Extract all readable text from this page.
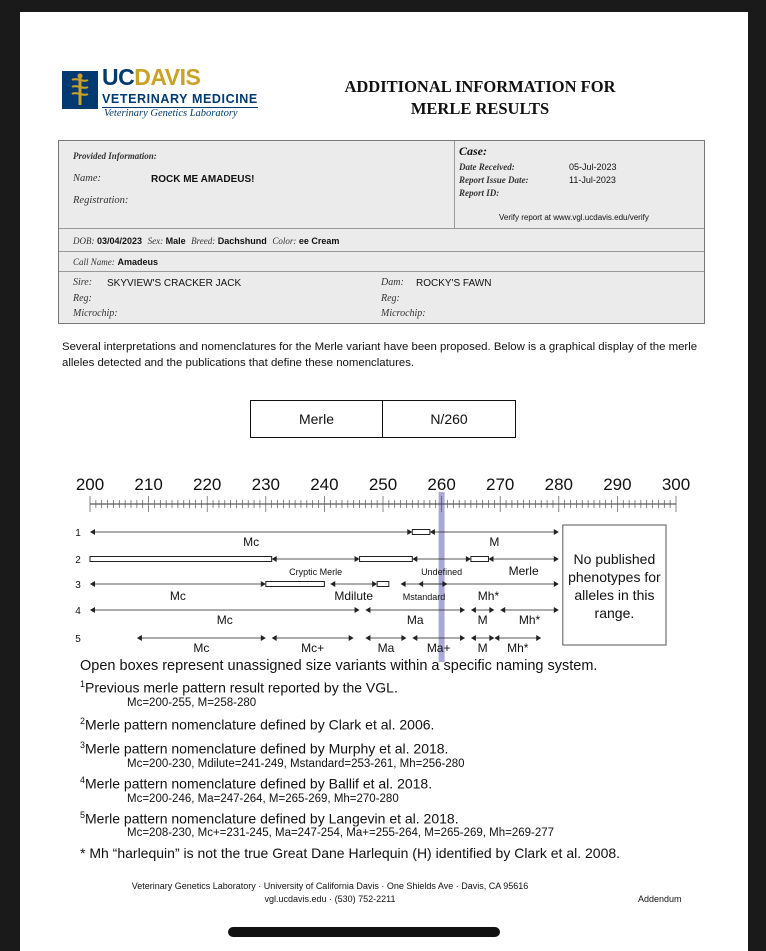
UCDAVIS
VETERINARY MEDICINE
Veterinary Genetics Laboratory
ADDITIONAL INFORMATION FOR
MERLE RESULTS
Provided Information:
Name:	ROCK ME AMADEUS!
Registration:
Case:
Date Received:	05-Jul-2023
Report Issue Date:	11-Jul-2023
Report ID:
Verify report at www.vgl.ucdavis.edu/verify
DOB: 03/04/2023 Sex: Male Breed: Dachshund Color: ee Cream
Call Name: Amadeus
Sire: SKYVIEW'S CRACKER JACK	Dam: ROCKY'S FAWN
Reg:	Reg:
Microchip:	Microchip:
Several interpretations and nomenclatures for the Merle variant have been proposed. Below is a graphical display of the merle alleles detected and the publications that define these nomenclatures.
Merle	N/260
200 210 220 230 240 250 260 270 280 290 300
No published
phenotypes for
alleles in this
range.
1
Mc	M
2
Cryptic Merle	Undefined	Merle
3
Mc	Mdilute	Mstandard	Mh*
4
Mc	Ma	M	Mh*
5
Mc	Mc+	Ma	Ma+ M Mh*
Open boxes represent unassigned size variants within a specific naming system.
$^1$Previous merle pattern result reported by the VGL.
Mc=200-255, M=258-280
$^2$Merle pattern nomenclature defined by Clark et al. 2006.
$^3$Merle pattern nomenclature defined by Murphy et al. 2018.
Mc=200-230, Mdilute=241-249, Mstandard=253-261, Mh=256-280
$^4$Merle pattern nomenclature defined by Ballif et al. 2018.
Mc=200-246, Ma=247-264, M=265-269, Mh=270-280
$^5$Merle pattern nomenclature defined by Langevin et al. 2018.
Mc=208-230, Mc+=231-245, Ma=247-254, Ma+=255-264, M=265-269, Mh=269-277
* Mh “harlequin” is not the true Great Dane Harlequin (H) identified by Clark et al. 2008.
Veterinary Genetics Laboratory · University of California Davis · One Shields Ave · Davis, CA 95616
vgl.ucdavis.edu · (530) 752-2211	Addendum
